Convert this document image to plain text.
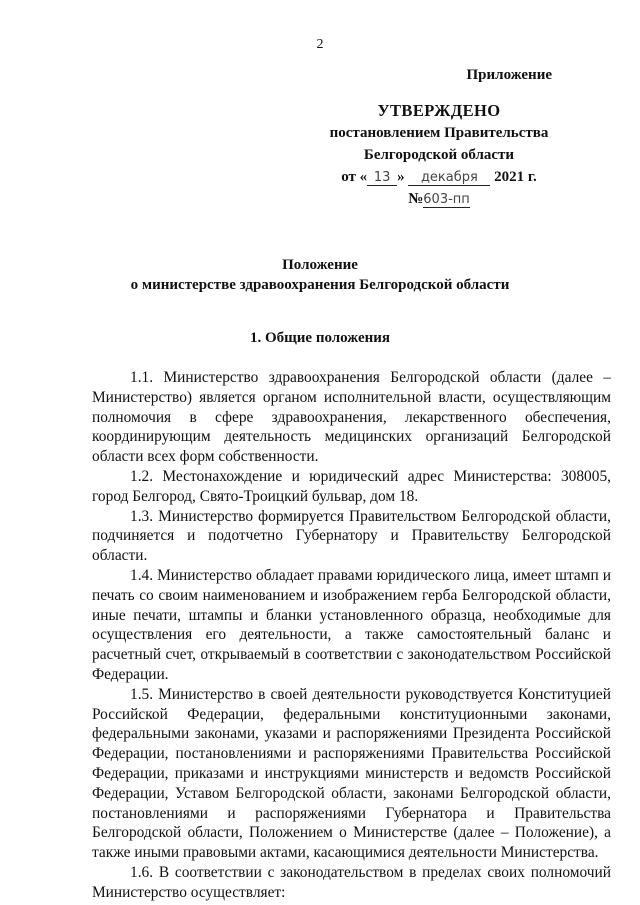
2
Приложение
УТВЕРЖДЕНО
постановлением Правительства
Белгородской области
от « 13 » декабря 2021 г.
№603-пп
Положение
о министерстве здравоохранения Белгородской области
1. Общие положения

1.1. Министерство здравоохранения Белгородской области (далее – Министерство) является органом исполнительной власти, осуществляющим полномочия в сфере здравоохранения, лекарственного обеспечения, координирующим деятельность медицинских организаций Белгородской области всех форм собственности.

1.2. Местонахождение и юридический адрес Министерства: 308005, город Белгород, Свято-Троицкий бульвар, дом 18.

1.3. Министерство формируется Правительством Белгородской области, подчиняется и подотчетно Губернатору и Правительству Белгородской области.

1.4. Министерство обладает правами юридического лица, имеет штамп и печать со своим наименованием и изображением герба Белгородской области, иные печати, штампы и бланки установленного образца, необходимые для осуществления его деятельности, а также самостоятельный баланс и расчетный счет, открываемый в соответствии с законодательством Российской Федерации.

1.5. Министерство в своей деятельности руководствуется Конституцией Российской Федерации, федеральными конституционными законами, федеральными законами, указами и распоряжениями Президента Российской Федерации, постановлениями и распоряжениями Правительства Российской Федерации, приказами и инструкциями министерств и ведомств Российской Федерации, Уставом Белгородской области, законами Белгородской области, постановлениями и распоряжениями Губернатора и Правительства Белгородской области, Положением о Министерстве (далее – Положение), а также иными правовыми актами, касающимися деятельности Министерства.

1.6. В соответствии с законодательством в пределах своих полномочий Министерство осуществляет:
